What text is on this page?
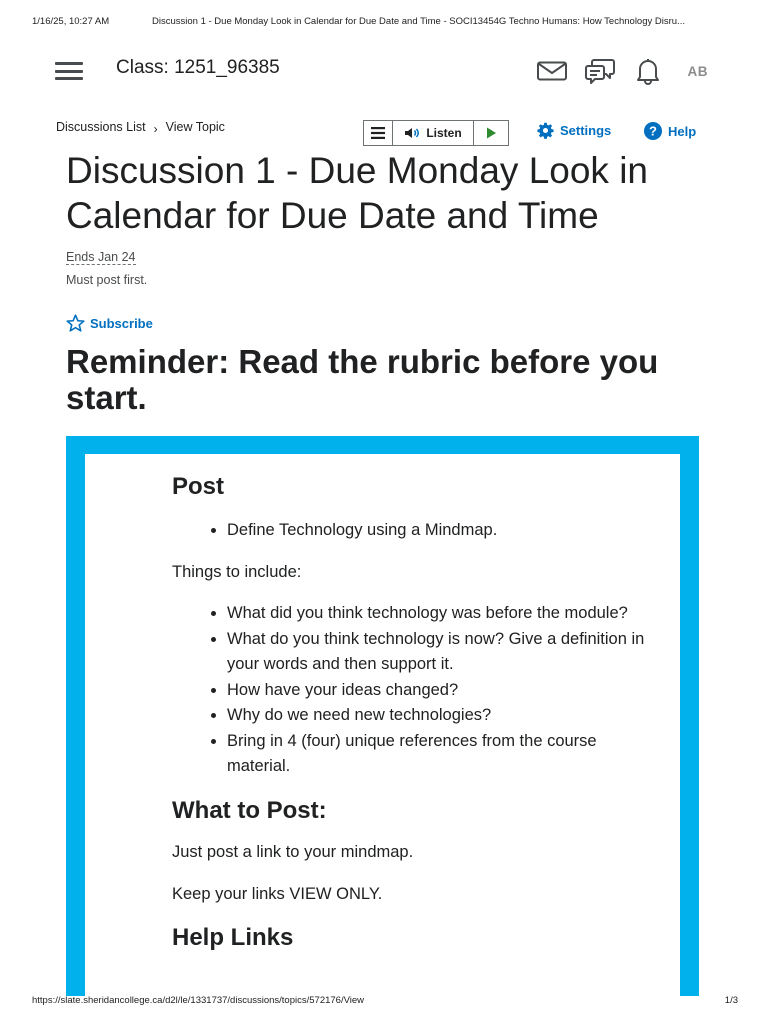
1/16/25, 10:27 AM	Discussion 1 - Due Monday Look in Calendar for Due Date and Time - SOCI13454G Techno Humans: How Technology Disru...
Class: 1251_96385	AB
Discussions List › View Topic	Listen	Settings	? Help
Discussion 1 - Due Monday Look in Calendar for Due Date and Time
Ends Jan 24
Must post first.
Subscribe
Reminder: Read the rubric before you start.
Post
• Define Technology using a Mindmap.

Things to include:

• What did you think technology was before the module?
• What do you think technology is now? Give a definition in your words and then support it.
• How have your ideas changed?
• Why do we need new technologies?
• Bring in 4 (four) unique references from the course material.
What to Post:

Just post a link to your mindmap.

Keep your links VIEW ONLY.

Help Links
https://slate.sheridancollege.ca/d2l/le/1331737/discussions/topics/572176/View	1/3
